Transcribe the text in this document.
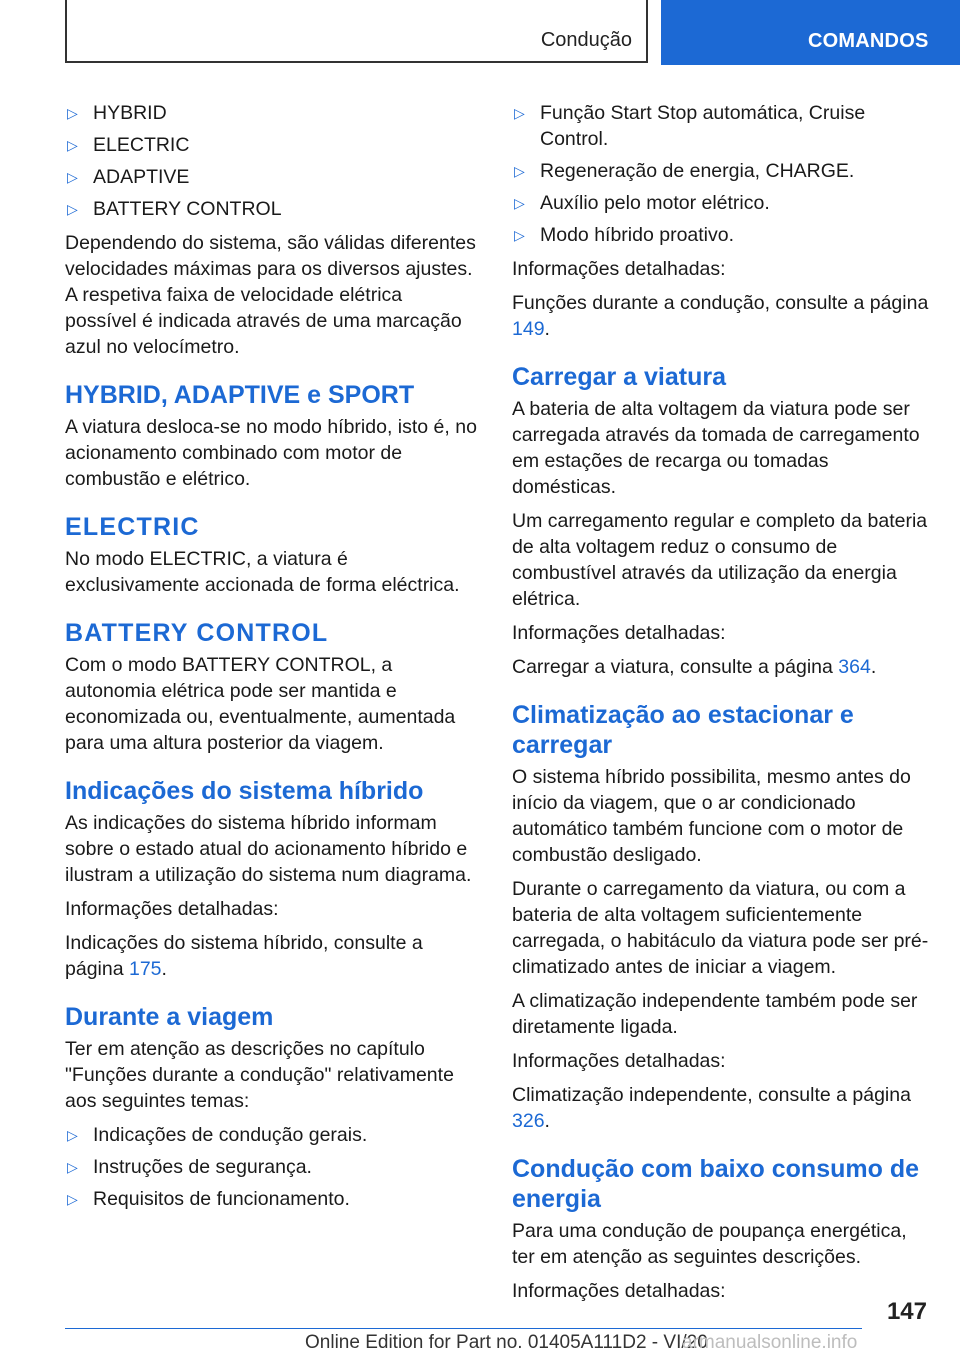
Condução	COMANDOS
▷ HYBRID
▷ ELECTRIC
▷ ADAPTIVE
▷ BATTERY CONTROL

Dependendo do sistema, são válidas diferentes velocidades máximas para os diversos ajustes. A respetiva faixa de velocidade elétrica possível é indicada através de uma marcação azul no velocímetro.

HYBRID, ADAPTIVE e SPORT

A viatura desloca-se no modo híbrido, isto é, no acionamento combinado com motor de combustão e elétrico.

ELECTRIC

No modo ELECTRIC, a viatura é exclusivamente accionada de forma eléctrica.

BATTERY CONTROL

Com o modo BATTERY CONTROL, a autonomia elétrica pode ser mantida e economizada ou, eventualmente, aumentada para uma altura posterior da viagem.

Indicações do sistema híbrido

As indicações do sistema híbrido informam sobre o estado atual do acionamento híbrido e ilustram a utilização do sistema num diagrama.

Informações detalhadas:

Indicações do sistema híbrido, consulte a página 175.

Durante a viagem

Ter em atenção as descrições no capítulo "Funções durante a condução" relativamente aos seguintes temas:

▷ Indicações de condução gerais.
▷ Instruções de segurança.
▷ Requisitos de funcionamento.
▷ Função Start Stop automática, Cruise Control.
▷ Regeneração de energia, CHARGE.
▷ Auxílio pelo motor elétrico.
▷ Modo híbrido proativo.

Informações detalhadas:

Funções durante a condução, consulte a página 149.

Carregar a viatura

A bateria de alta voltagem da viatura pode ser carregada através da tomada de carregamento em estações de recarga ou tomadas domésticas.

Um carregamento regular e completo da bateria de alta voltagem reduz o consumo de combustível através da utilização da energia elétrica.

Informações detalhadas:

Carregar a viatura, consulte a página 364.

Climatização ao estacionar e carregar

O sistema híbrido possibilita, mesmo antes do início da viagem, que o ar condicionado automático também funcione com o motor de combustão desligado.

Durante o carregamento da viatura, ou com a bateria de alta voltagem suficientemente carregada, o habitáculo da viatura pode ser pré-climatizado antes de iniciar a viagem.

A climatização independente também pode ser diretamente ligada.

Informações detalhadas:

Climatização independente, consulte a página 326.

Condução com baixo consumo de energia

Para uma condução de poupança energética, ter em atenção as seguintes descrições.

Informações detalhadas:

147
Online Edition for Part no. 01405A111D2 - VI/20
armanualsonline.info
